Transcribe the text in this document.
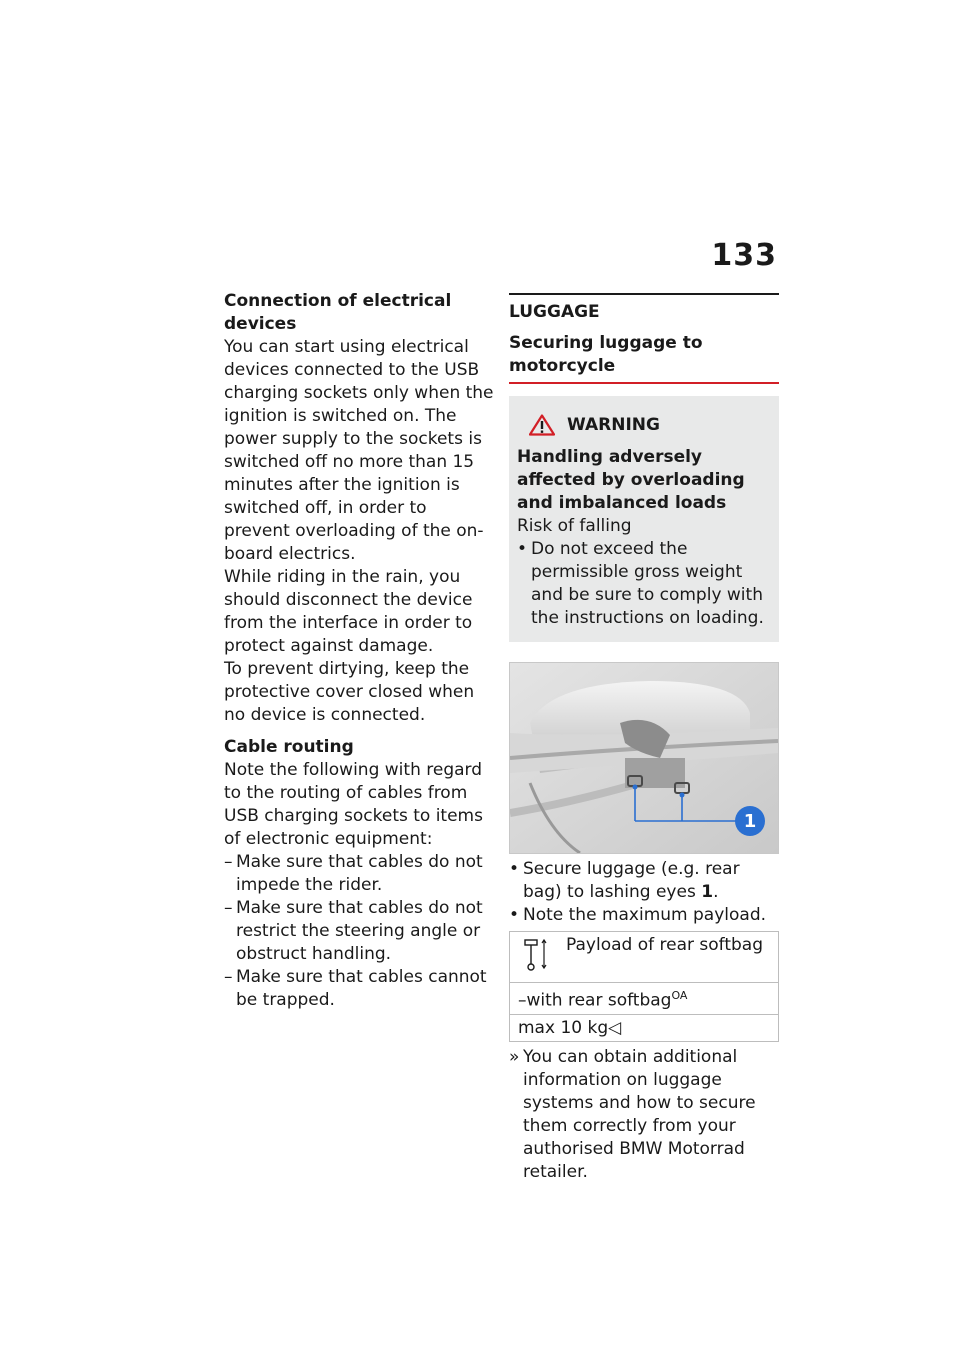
133
Connection of electrical devices

You can start using electrical devices connected to the USB charging sockets only when the ignition is switched on. The power supply to the sockets is switched off no more than 15 minutes after the ignition is switched off, in order to prevent overloading of the on-board electrics.

While riding in the rain, you should disconnect the device from the interface in order to protect against damage.

To prevent dirtying, keep the protective cover closed when no device is connected.

Cable routing

Note the following with regard to the routing of cables from USB charging sockets to items of electronic equipment:

– Make sure that cables do not impede the rider.
– Make sure that cables do not restrict the steering angle or obstruct handling.
– Make sure that cables cannot be trapped.
LUGGAGE
Securing luggage to motorcycle
WARNING
Handling adversely affected by overloading and imbalanced loads

Risk of falling

• Do not exceed the permissible gross weight and be sure to comply with the instructions on loading.
1
• Secure luggage (e.g. rear bag) to lashing eyes 1.
• Note the maximum payload.
Payload of rear softbag
–with rear softbag$^{OA}$
max 10 kg◁
» You can obtain additional information on luggage systems and how to secure them correctly from your authorised BMW Motorrad retailer.
